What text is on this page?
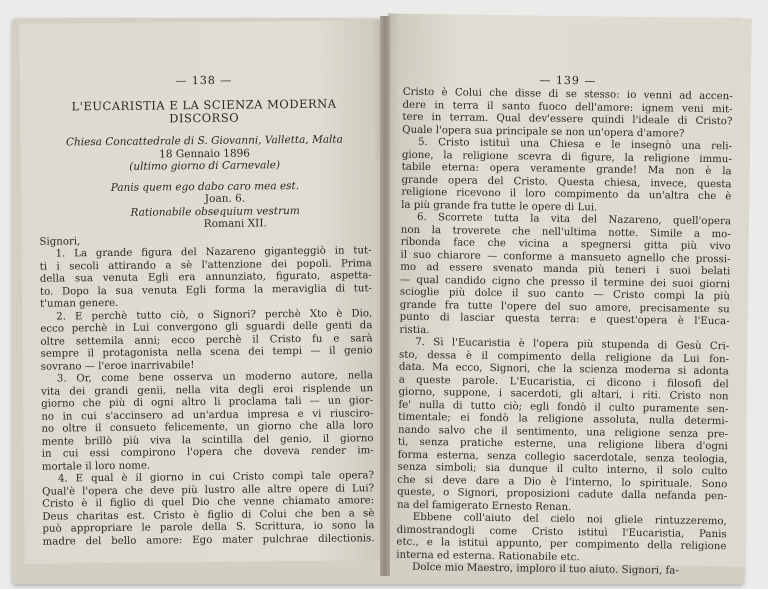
— 138 —
L'EUCARISTIA E LA SCIENZA MODERNA
DISCORSO
Chiesa Concattedrale di S. Giovanni, Valletta, Malta
18 Gennaio 1896
(ultimo giorno di Carnevale)
Panis quem ego dabo caro mea est.
Joan. 6.
Rationabile obsequium vestrum
Romani XII.
Signori,
1. La grande figura del Nazareno giganteggiò in tut-
ti i secoli attirando a sè l'attenzione dei popoli. Prima
della sua venuta Egli era annunziato, figurato, aspetta-
to. Dopo la sua venuta Egli forma la meraviglia di tut-
t'uman genere.
2. E perchè tutto ciò, o Signori? perchè Xto è Dio,
ecco perchè in Lui convergono gli sguardi delle genti da
oltre settemila anni; ecco perchè il Cristo fu e sarà
sempre il protagonista nella scena dei tempi — il genio
sovrano — l'eroe inarrivabile!
3. Or, come bene osserva un moderno autore, nella
vita dei grandi genii, nella vita degli eroi risplende un
giorno che più di ogni altro li proclama tali — un gior-
no in cui s'accinsero ad un'ardua impresa e vi riusciro-
no oltre il consueto felicemente, un giorno che alla loro
mente brillò più viva la scintilla del genio, il giorno
in cui essi compirono l'opera che doveva render im-
mortale il loro nome.
4. E qual è il giorno in cui Cristo compì tale opera?
Qual'è l'opera che deve più lustro alle altre opere di Lui?
Cristo è il figlio di quel Dio che venne chiamato amore:
Deus charitas est. Cristo è figlio di Colui che ben a sè
può appropriare le parole della S. Scrittura, io sono la
madre del bello amore: Ego mater pulchrae dilectionis.
— 139 —
Cristo è Colui che disse di se stesso: io venni ad accen-
dere in terra il santo fuoco dell'amore: ignem veni mit-
tere in terram. Qual dev'essere quindi l'ideale di Cristo?
Quale l'opera sua principale se non un'opera d'amore?
5. Cristo istituì una Chiesa e le insegnò una reli-
gione, la religione scevra di figure, la religione immu-
tabile eterna: opera veramente grande! Ma non è la
grande opera del Cristo. Questa chiesa, invece, questa
religione ricevono il loro compimento da un'altra che è
la più grande fra tutte le opere di Lui.
6. Scorrete tutta la vita del Nazareno, quell'opera
non la troverete che nell'ultima notte. Simile a mo-
ribonda face che vicina a spegnersi gitta più vivo
il suo chiarore — conforme a mansueto agnello che prossi-
mo ad essere svenato manda più teneri i suoi belati
— qual candido cigno che presso il termine dei suoi giorni
scioglie più dolce il suo canto — Cristo compì la più
grande fra tutte l'opere del suo amore, precisamente su
punto di lasciar questa terra: e quest'opera è l'Euca-
ristia.
7. Sì l'Eucaristia è l'opera più stupenda di Gesù Cri-
sto, dessa è il compimento della religione da Lui fon-
data. Ma ecco, Signori, che la scienza moderna si adonta
a queste parole. L'Eucaristia, ci dicono i filosofi del
giorno, suppone, i sacerdoti, gli altari, i riti. Cristo non
fe' nulla di tutto ciò; egli fondò il culto puramente sen-
timentale; ei fondò la religione assoluta, nulla determi-
nando salvo che il sentimento, una religione senza pre-
ti, senza pratiche esterne, una religione libera d'ogni
forma esterna, senza collegio sacerdotale, senza teologia,
senza simboli; sia dunque il culto interno, il solo culto
che si deve dare a Dio è l'interno, lo spirituale. Sono
queste, o Signori, proposizioni cadute dalla nefanda pen-
na del famigerato Ernesto Renan.
Ebbene coll'aiuto del cielo noi gliele rintuzzeremo,
dimostrandogli come Cristo istituì l'Eucaristia, Panis
etc., e la istituì appunto, per compimento della religione
interna ed esterna. Rationabile etc.
Dolce mio Maestro, imploro il tuo aiuto. Signori, fa-
